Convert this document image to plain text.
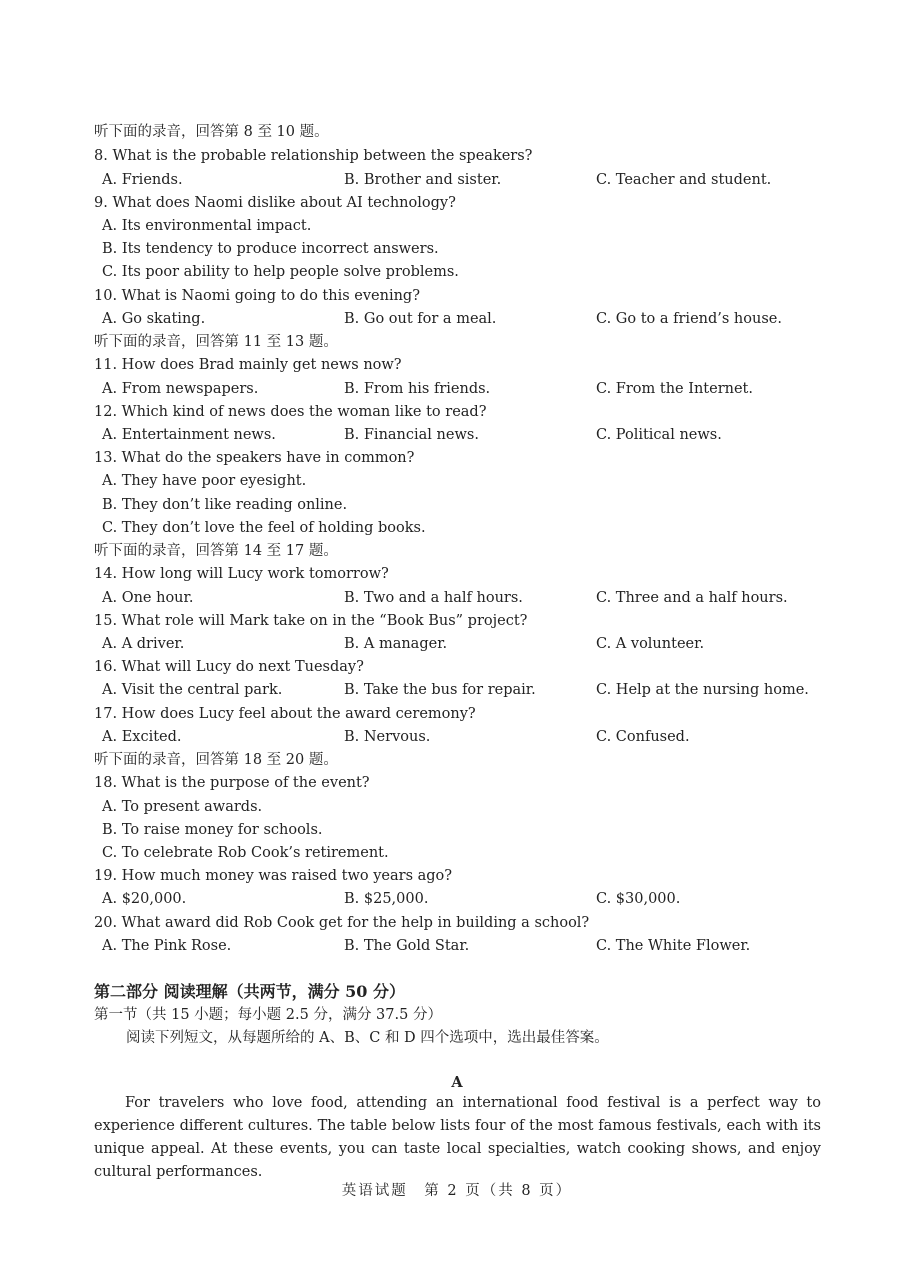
听下面的录音，回答第 8 至 10 题。
8. What is the probable relationship between the speakers?
A. Friends.	B. Brother and sister.	C. Teacher and student.
9. What does Naomi dislike about AI technology?
A. Its environmental impact.
B. Its tendency to produce incorrect answers.
C. Its poor ability to help people solve problems.
10. What is Naomi going to do this evening?
A. Go skating.	B. Go out for a meal.	C. Go to a friend’s house.
听下面的录音，回答第 11 至 13 题。
11. How does Brad mainly get news now?
A. From newspapers.	B. From his friends.	C. From the Internet.
12. Which kind of news does the woman like to read?
A. Entertainment news.	B. Financial news.	C. Political news.
13. What do the speakers have in common?
A. They have poor eyesight.
B. They don’t like reading online.
C. They don’t love the feel of holding books.
听下面的录音，回答第 14 至 17 题。
14. How long will Lucy work tomorrow?
A. One hour.	B. Two and a half hours.	C. Three and a half hours.
15. What role will Mark take on in the “Book Bus” project?
A. A driver.	B. A manager.	C. A volunteer.
16. What will Lucy do next Tuesday?
A. Visit the central park.	B. Take the bus for repair.	C. Help at the nursing home.
17. How does Lucy feel about the award ceremony?
A. Excited.	B. Nervous.	C. Confused.
听下面的录音，回答第 18 至 20 题。
18. What is the purpose of the event?
A. To present awards.
B. To raise money for schools.
C. To celebrate Rob Cook’s retirement.
19. How much money was raised two years ago?
A. $20,000.	B. $25,000.	C. $30,000.
20. What award did Rob Cook get for the help in building a school?
A. The Pink Rose.	B. The Gold Star.	C. The White Flower.
第二部分 阅读理解（共两节，满分 50 分）
第一节（共 15 小题；每小题 2.5 分，满分 37.5 分）
阅读下列短文，从每题所给的 A、B、C 和 D 四个选项中，选出最佳答案。
A
For travelers who love food, attending an international food festival is a perfect way to experience different cultures. The table below lists four of the most famous festivals, each with its unique appeal. At these events, you can taste local specialties, watch cooking shows, and enjoy cultural performances.
英语试题　第 2 页（共 8 页）
